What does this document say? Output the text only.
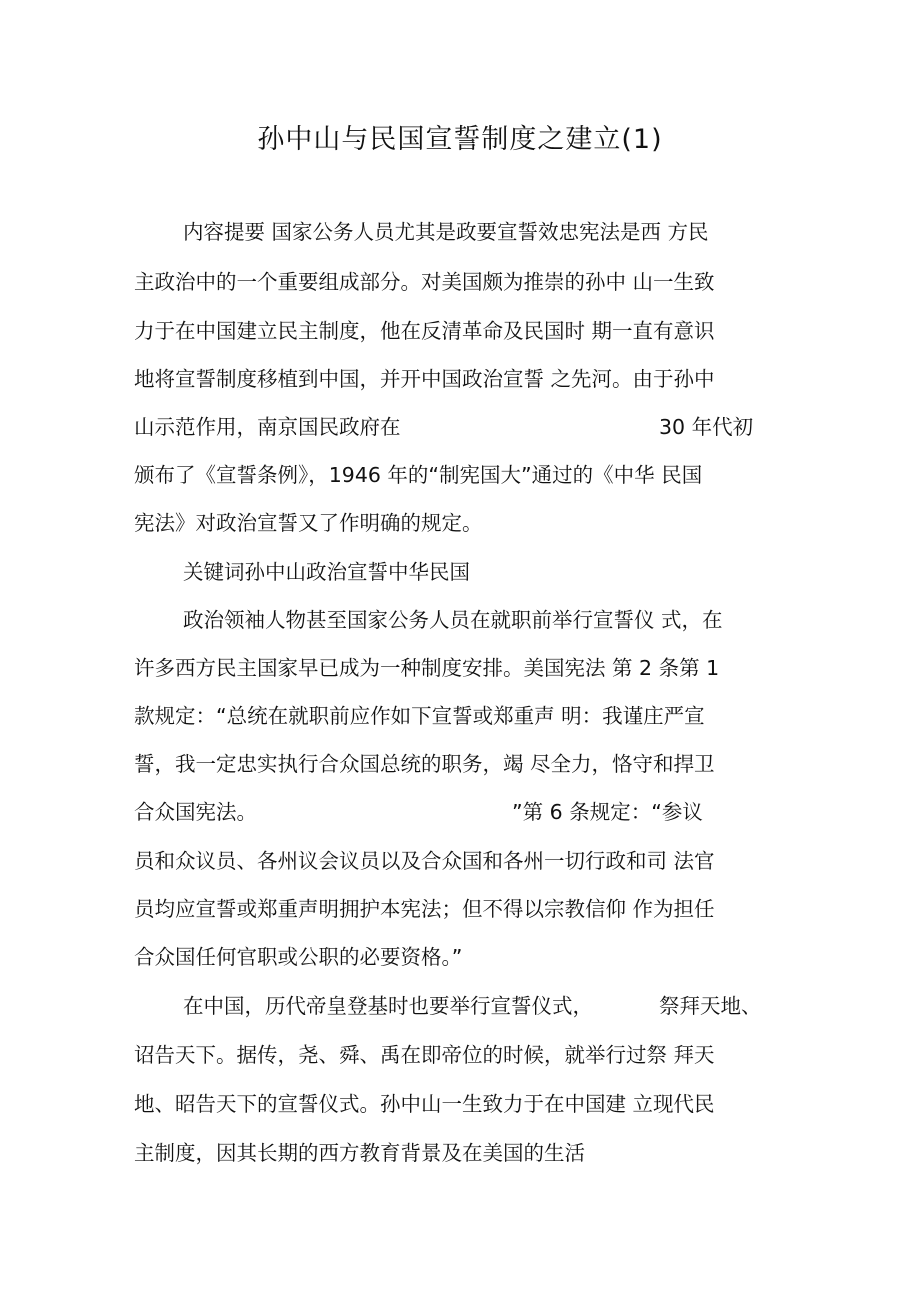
孙中山与民国宣誓制度之建立(1)
内容提要 国家公务人员尤其是政要宣誓效忠宪法是西 方民
主政治中的一个重要组成部分。对美国颇为推崇的孙中 山一生致
力于在中国建立民主制度，他在反清革命及民国时 期一直有意识
地将宣誓制度移植到中国，并开中国政治宣誓 之先河。由于孙中
山示范作用，南京国民政府在	30 年代初
颁布了《宣誓条例》，1946 年的“制宪国大”通过的《中华 民国
宪法》对政治宣誓又了作明确的规定。
关键词孙中山政治宣誓中华民国
政治领袖人物甚至国家公务人员在就职前举行宣誓仪 式，在
许多西方民主国家早已成为一种制度安排。美国宪法 第 2 条第 1
款规定：“总统在就职前应作如下宣誓或郑重声 明：我谨庄严宣
誓，我一定忠实执行合众国总统的职务，竭 尽全力，恪守和捍卫
合众国宪法。	”第 6 条规定：“参议
员和众议员、各州议会议员以及合众国和各州一切行政和司 法官
员均应宣誓或郑重声明拥护本宪法；但不得以宗教信仰 作为担任
合众国任何官职或公职的必要资格。”
在中国，历代帝皇登基时也要举行宣誓仪式，	祭拜天地、
诏告天下。据传，尧、舜、禹在即帝位的时候，就举行过祭 拜天
地、昭告天下的宣誓仪式。孙中山一生致力于在中国建 立现代民
主制度，因其长期的西方教育背景及在美国的生活
